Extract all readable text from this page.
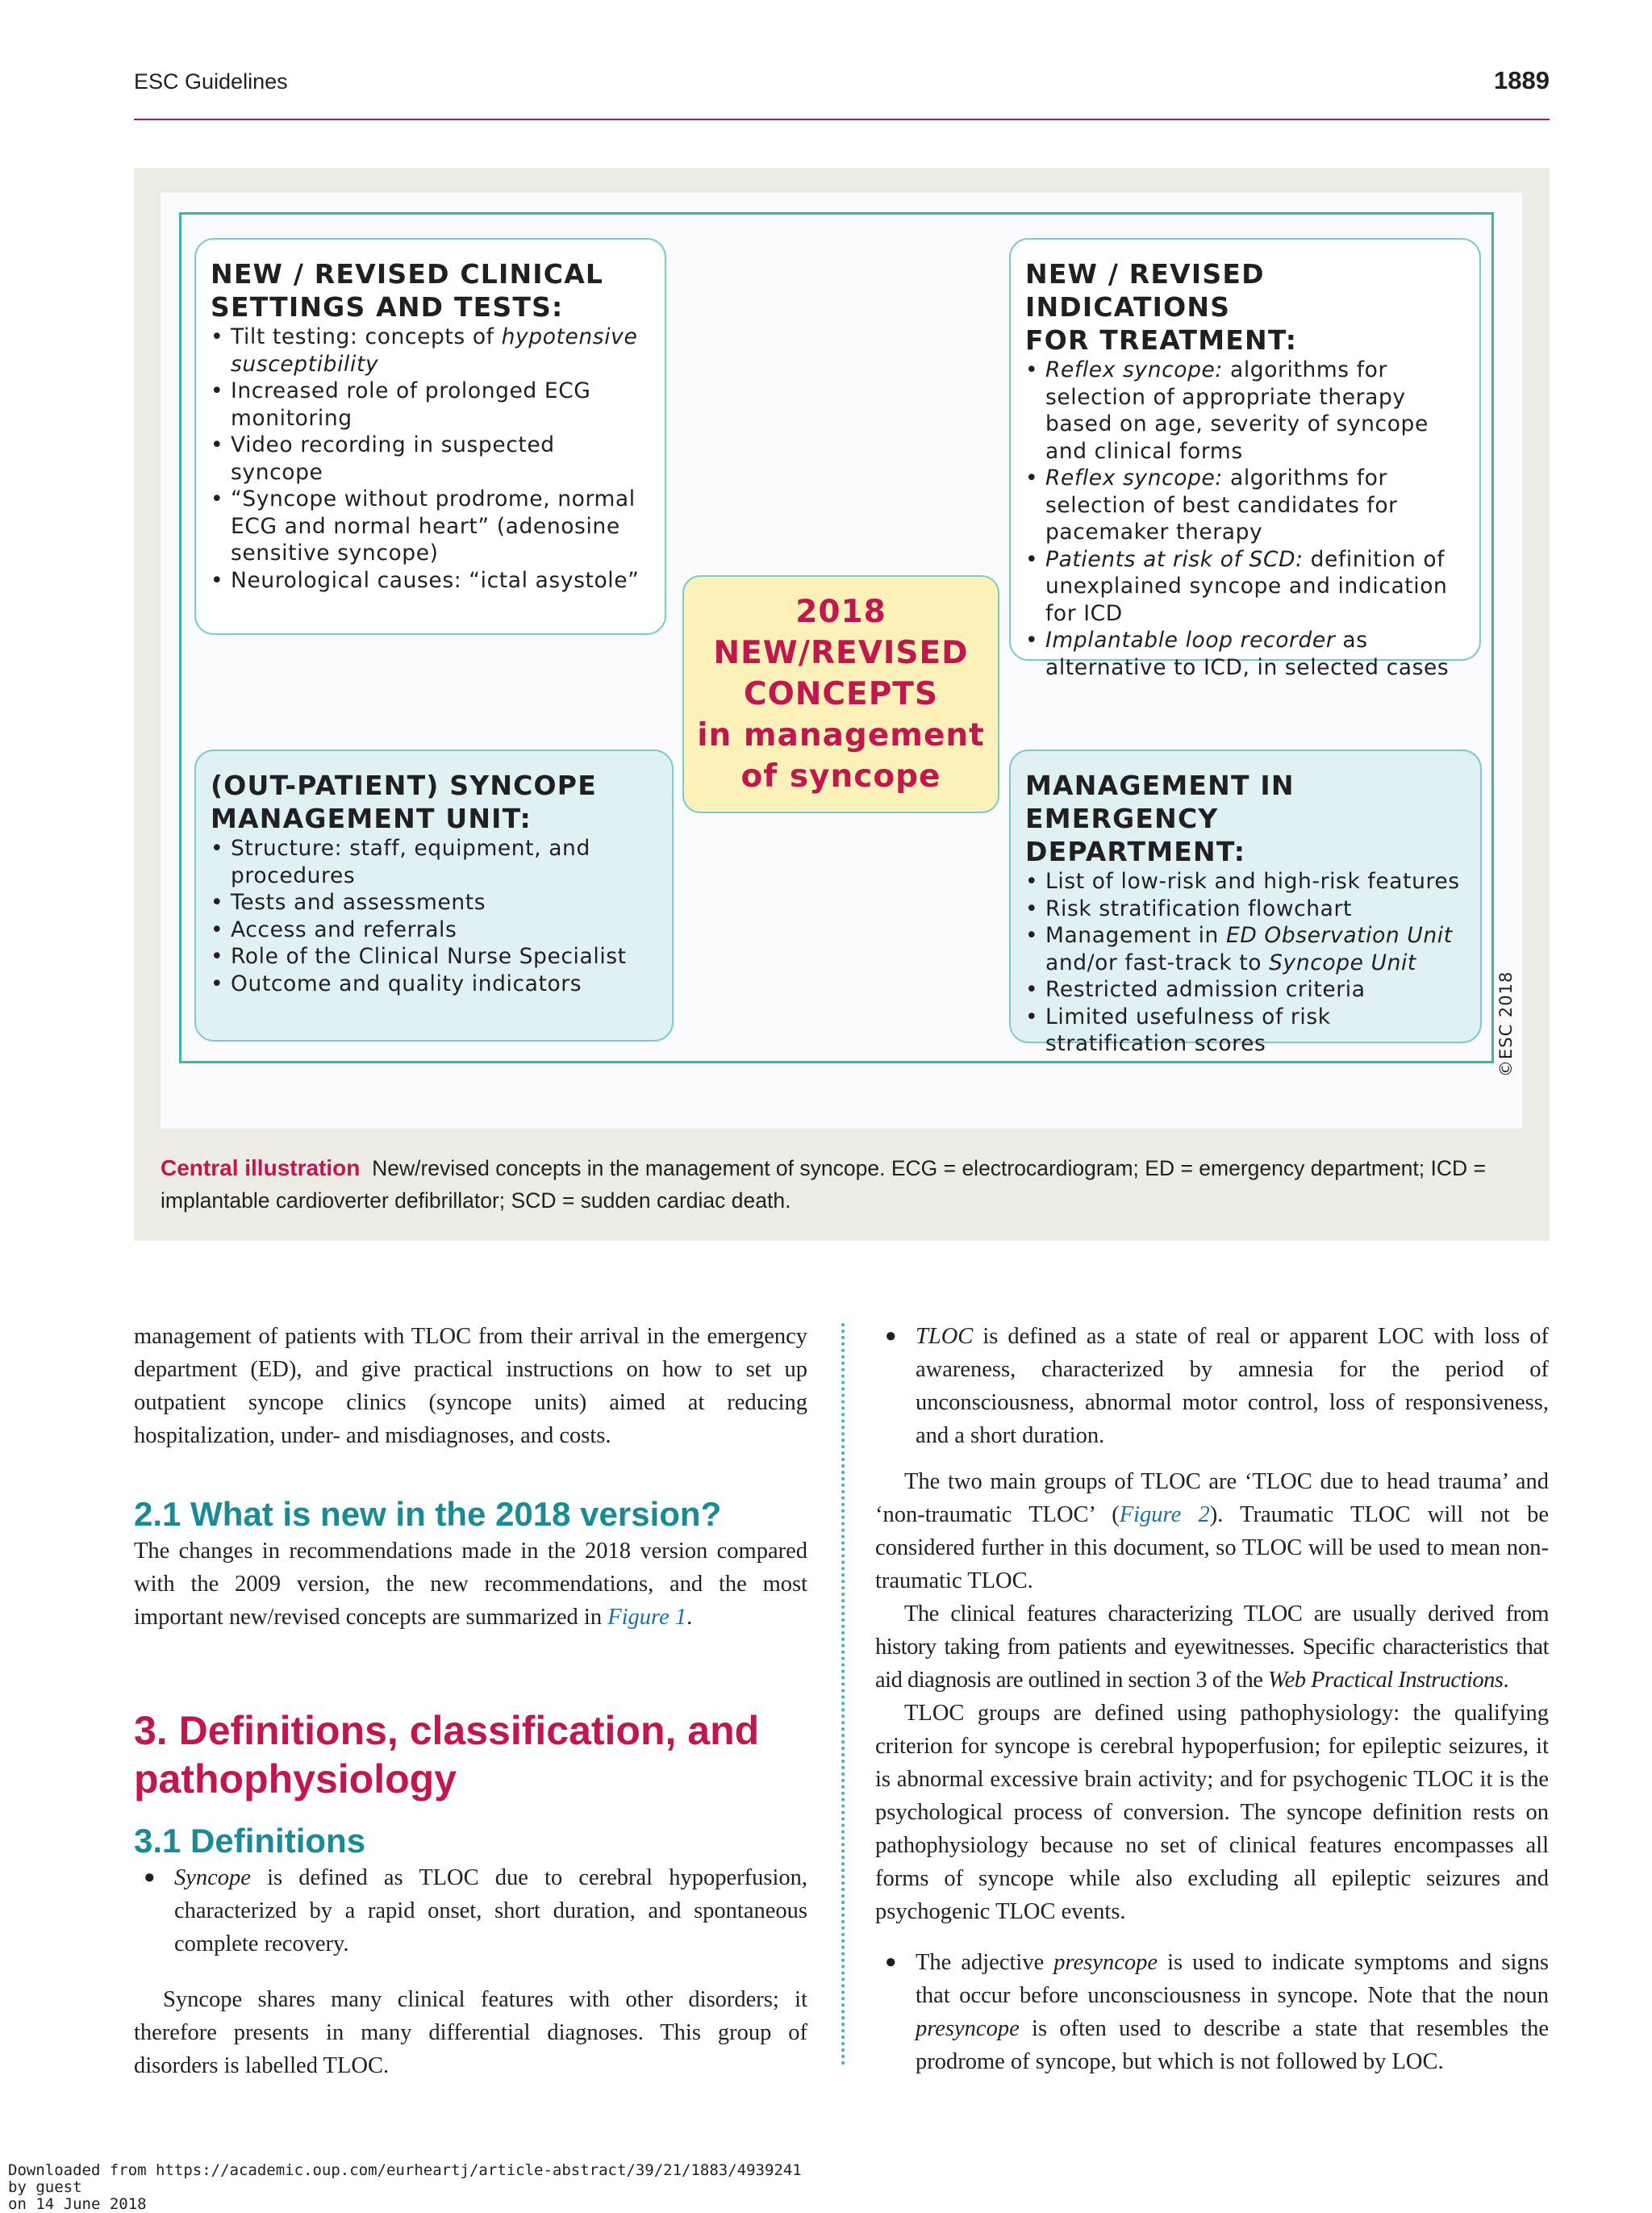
ESC Guidelines	1889
NEW / REVISED CLINICAL
SETTINGS AND TESTS:
• Tilt testing: concepts of hypotensive susceptibility
• Increased role of prolonged ECG monitoring
• Video recording in suspected syncope
• “Syncope without prodrome, normal ECG and normal heart” (adenosine sensitive syncope)
• Neurological causes: “ictal asystole”
NEW / REVISED INDICATIONS
FOR TREATMENT:
• Reflex syncope: algorithms for selection of appropriate therapy based on age, severity of syncope and clinical forms
• Reflex syncope: algorithms for selection of best candidates for pacemaker therapy
• Patients at risk of SCD: definition of unexplained syncope and indication for ICD
• Implantable loop recorder as alternative to ICD, in selected cases
(OUT-PATIENT) SYNCOPE
MANAGEMENT UNIT:
• Structure: staff, equipment, and procedures
• Tests and assessments
• Access and referrals
• Role of the Clinical Nurse Specialist
• Outcome and quality indicators
MANAGEMENT IN EMERGENCY
DEPARTMENT:
• List of low-risk and high-risk features
• Risk stratification flowchart
• Management in ED Observation Unit and/or fast-track to Syncope Unit
• Restricted admission criteria
• Limited usefulness of risk stratification scores
2018
NEW/REVISED
CONCEPTS
in management
of syncope
Central illustration New/revised concepts in the management of syncope. ECG = electrocardiogram; ED = emergency department; ICD = implantable cardioverter defibrillator; SCD = sudden cardiac death.

management of patients with TLOC from their arrival in the emergency department (ED), and give practical instructions on how to set up outpatient syncope clinics (syncope units) aimed at reducing hospitalization, under- and misdiagnoses, and costs.

2.1 What is new in the 2018 version?

The changes in recommendations made in the 2018 version compared with the 2009 version, the new recommendations, and the most important new/revised concepts are summarized in Figure 1.

3. Definitions, classification, and
pathophysiology

3.1 Definitions

● Syncope is defined as TLOC due to cerebral hypoperfusion, characterized by a rapid onset, short duration, and spontaneous complete recovery.

Syncope shares many clinical features with other disorders; it therefore presents in many differential diagnoses. This group of disorders is labelled TLOC.

● TLOC is defined as a state of real or apparent LOC with loss of awareness, characterized by amnesia for the period of unconsciousness, abnormal motor control, loss of responsiveness, and a short duration.

The two main groups of TLOC are ‘TLOC due to head trauma’ and ‘non-traumatic TLOC’ (Figure 2). Traumatic TLOC will not be considered further in this document, so TLOC will be used to mean non-traumatic TLOC.

The clinical features characterizing TLOC are usually derived from history taking from patients and eyewitnesses. Specific characteristics that aid diagnosis are outlined in section 3 of the Web Practical Instructions.

TLOC groups are defined using pathophysiology: the qualifying criterion for syncope is cerebral hypoperfusion; for epileptic seizures, it is abnormal excessive brain activity; and for psychogenic TLOC it is the psychological process of conversion. The syncope definition rests on pathophysiology because no set of clinical features encompasses all forms of syncope while also excluding all epileptic seizures and psychogenic TLOC events.

● The adjective presyncope is used to indicate symptoms and signs that occur before unconsciousness in syncope. Note that the noun presyncope is often used to describe a state that resembles the prodrome of syncope, but which is not followed by LOC.

Downloaded from https://academic.oup.com/eurheartj/article-abstract/39/21/1883/4939241
by guest
on 14 June 2018
